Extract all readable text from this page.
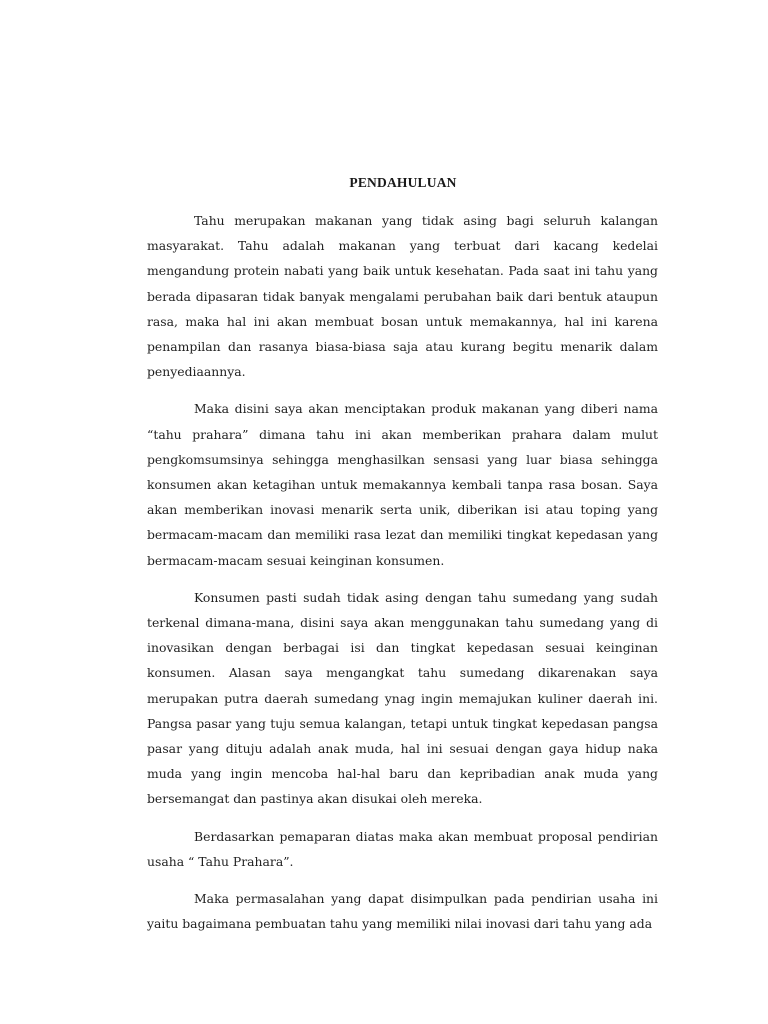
PENDAHULUAN

Tahu merupakan makanan yang tidak asing bagi seluruh kalangan masyarakat. Tahu adalah makanan yang terbuat dari kacang kedelai mengandung protein nabati yang baik untuk kesehatan. Pada saat ini tahu yang berada dipasaran tidak banyak mengalami perubahan baik dari bentuk ataupun rasa, maka hal ini akan membuat bosan untuk memakannya, hal ini karena penampilan dan rasanya biasa-biasa saja atau kurang begitu menarik dalam penyediaannya.

Maka disini saya akan menciptakan produk makanan yang diberi nama “tahu prahara” dimana tahu ini akan memberikan prahara dalam mulut pengkomsumsinya sehingga menghasilkan sensasi yang luar biasa sehingga konsumen akan ketagihan untuk memakannya kembali tanpa rasa bosan. Saya akan memberikan inovasi menarik serta unik, diberikan isi atau toping yang bermacam-macam dan memiliki rasa lezat dan memiliki tingkat kepedasan yang bermacam-macam sesuai keinginan konsumen.

Konsumen pasti sudah tidak asing dengan tahu sumedang yang sudah terkenal dimana-mana, disini saya akan menggunakan tahu sumedang yang di inovasikan dengan berbagai isi dan tingkat kepedasan sesuai keinginan konsumen. Alasan saya mengangkat tahu sumedang dikarenakan saya merupakan putra daerah sumedang ynag ingin memajukan kuliner daerah ini. Pangsa pasar yang tuju semua kalangan, tetapi untuk tingkat kepedasan pangsa pasar yang dituju adalah anak muda, hal ini sesuai dengan gaya hidup naka muda yang ingin mencoba hal-hal baru dan kepribadian anak muda yang bersemangat dan pastinya akan disukai oleh mereka.

Berdasarkan pemaparan diatas maka akan membuat proposal pendirian usaha “ Tahu Prahara”.

Maka permasalahan yang dapat disimpulkan pada pendirian usaha ini yaitu bagaimana pembuatan tahu yang memiliki nilai inovasi dari tahu yang ada
